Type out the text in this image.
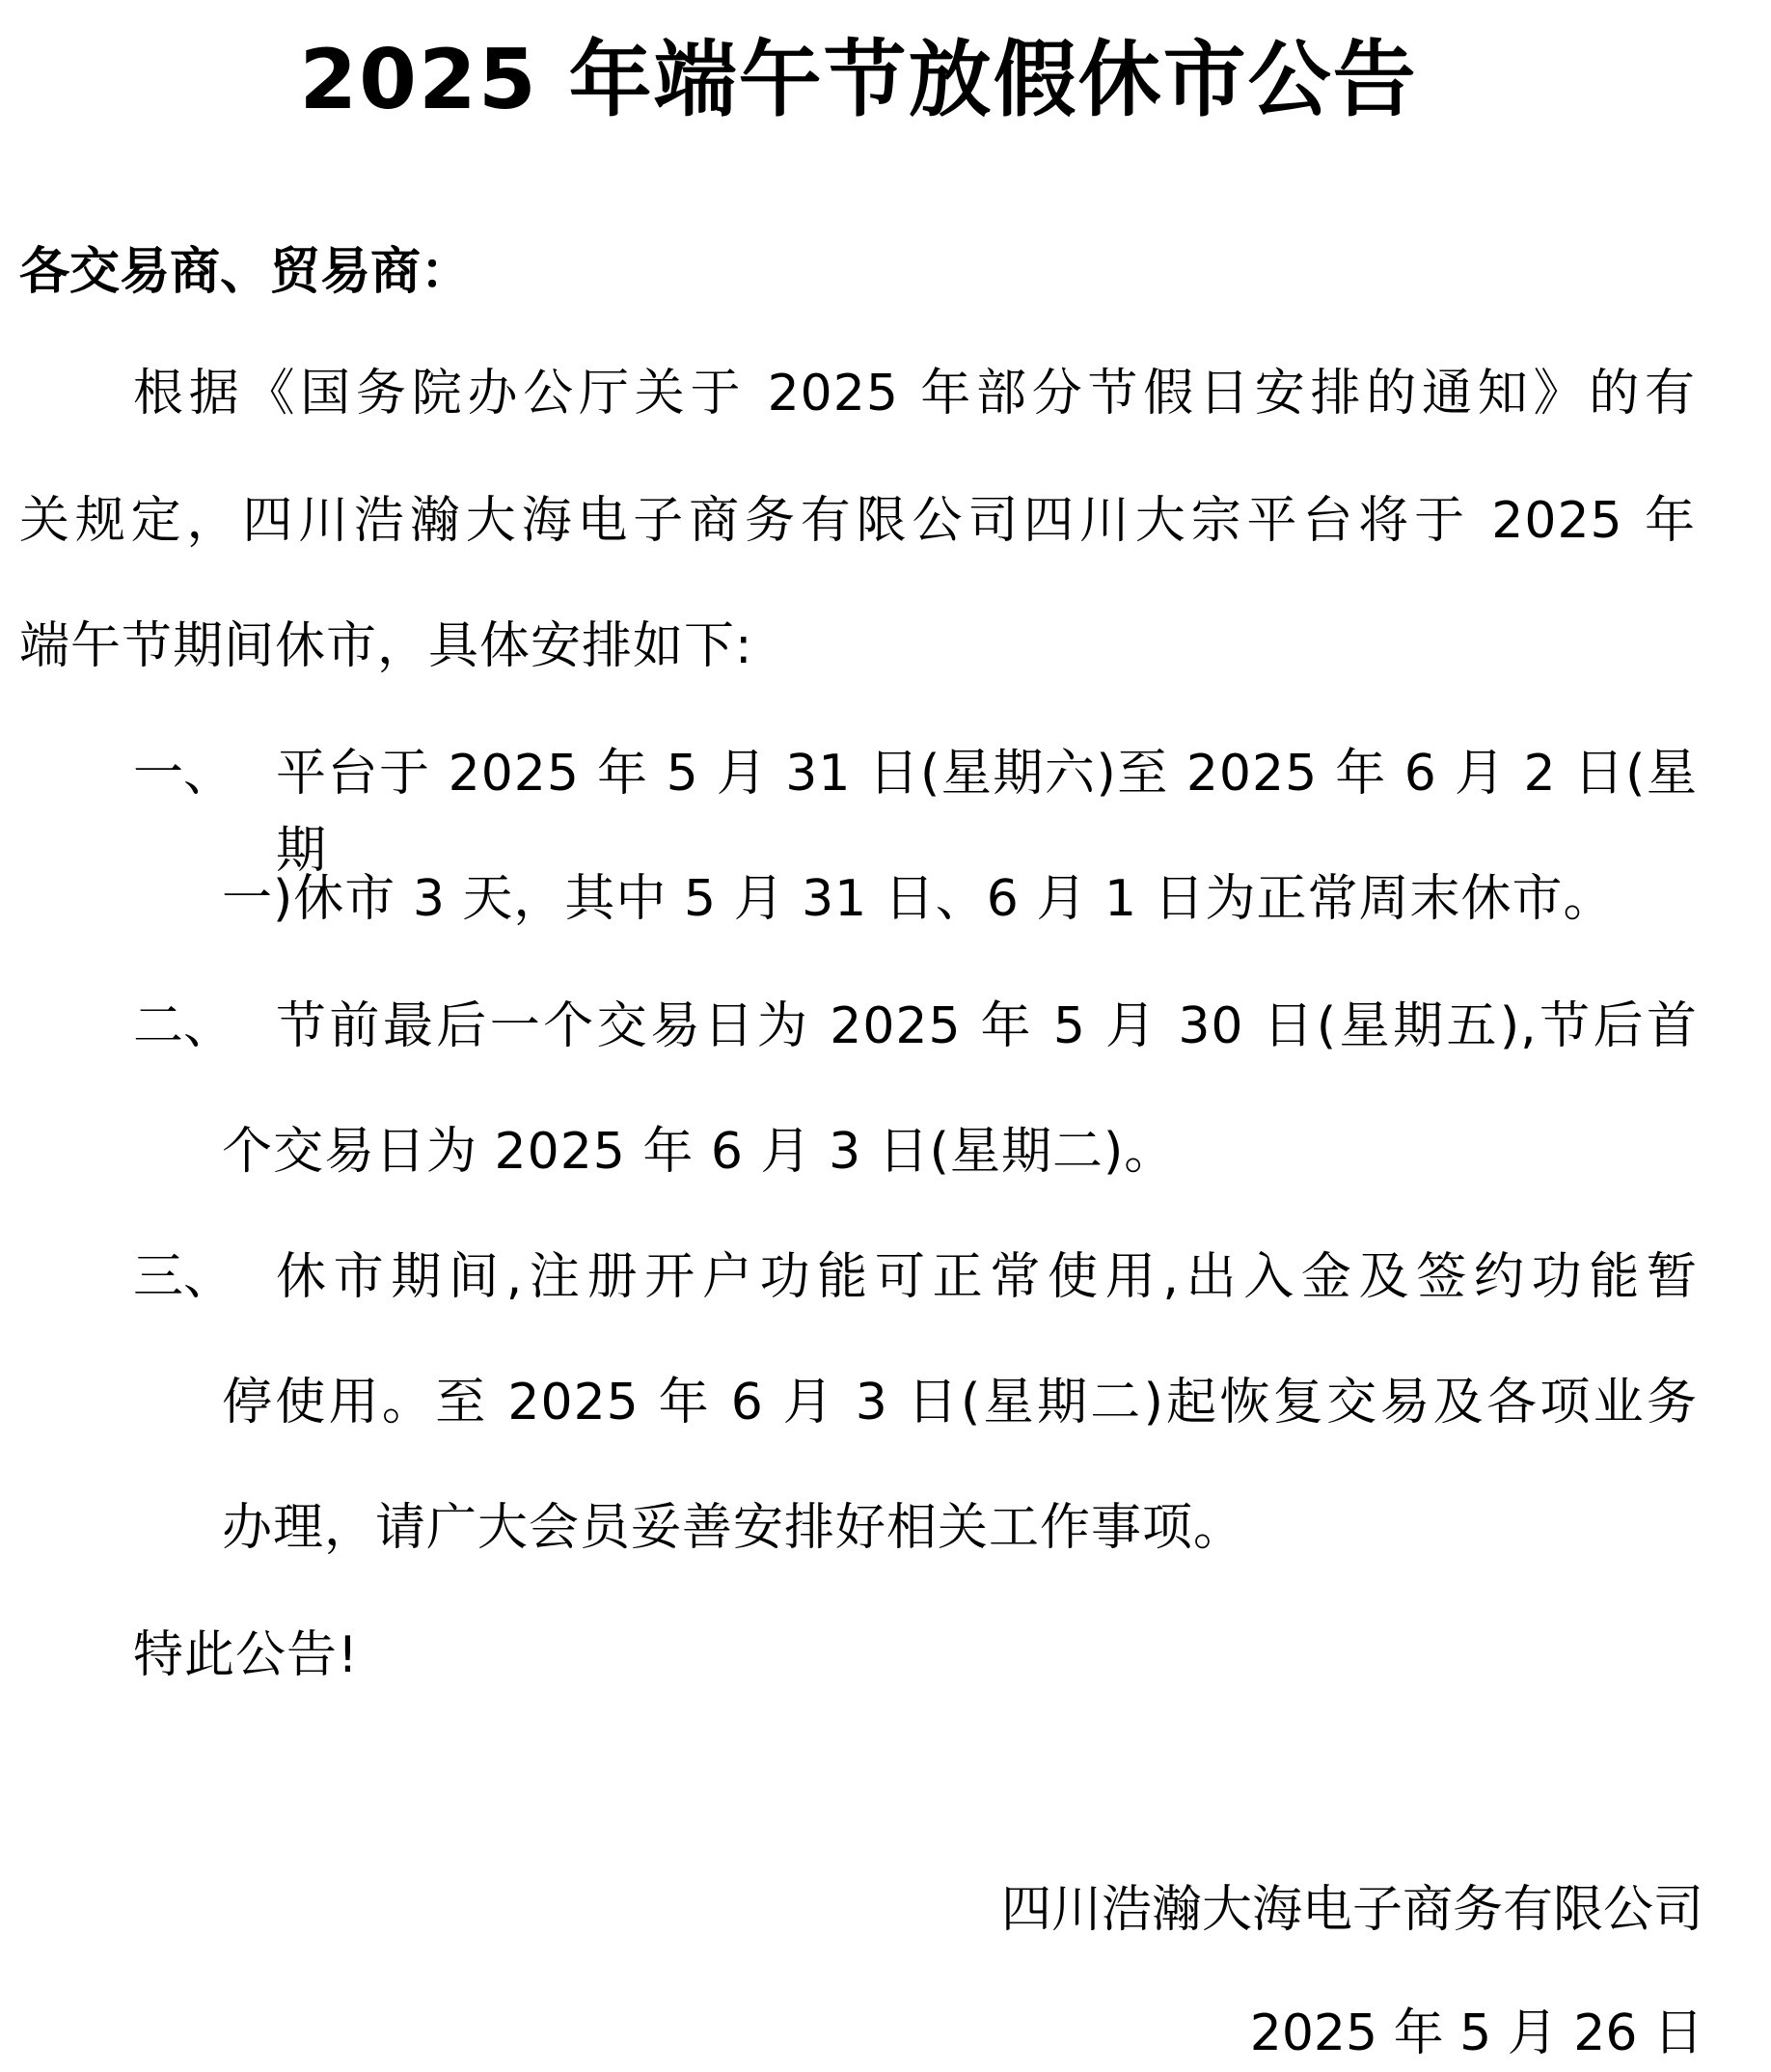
2025 年端午节放假休市公告
各交易商、贸易商：
根据《国务院办公厅关于 2025 年部分节假日安排的通知》的有
关规定，四川浩瀚大海电子商务有限公司四川大宗平台将于 2025 年
端午节期间休市，具体安排如下:
一、 平台于 2025 年 5 月 31 日(星期六)至 2025 年 6 月 2 日(星期
一)休市 3 天，其中 5 月 31 日、6 月 1 日为正常周末休市。
二、 节前最后一个交易日为 2025 年 5 月 30 日(星期五),节后首
个交易日为 2025 年 6 月 3 日(星期二)。
三、 休市期间,注册开户功能可正常使用,出入金及签约功能暂
停使用。至 2025 年 6 月 3 日(星期二)起恢复交易及各项业务
办理，请广大会员妥善安排好相关工作事项。
特此公告!
四川浩瀚大海电子商务有限公司
2025 年 5 月 26 日
